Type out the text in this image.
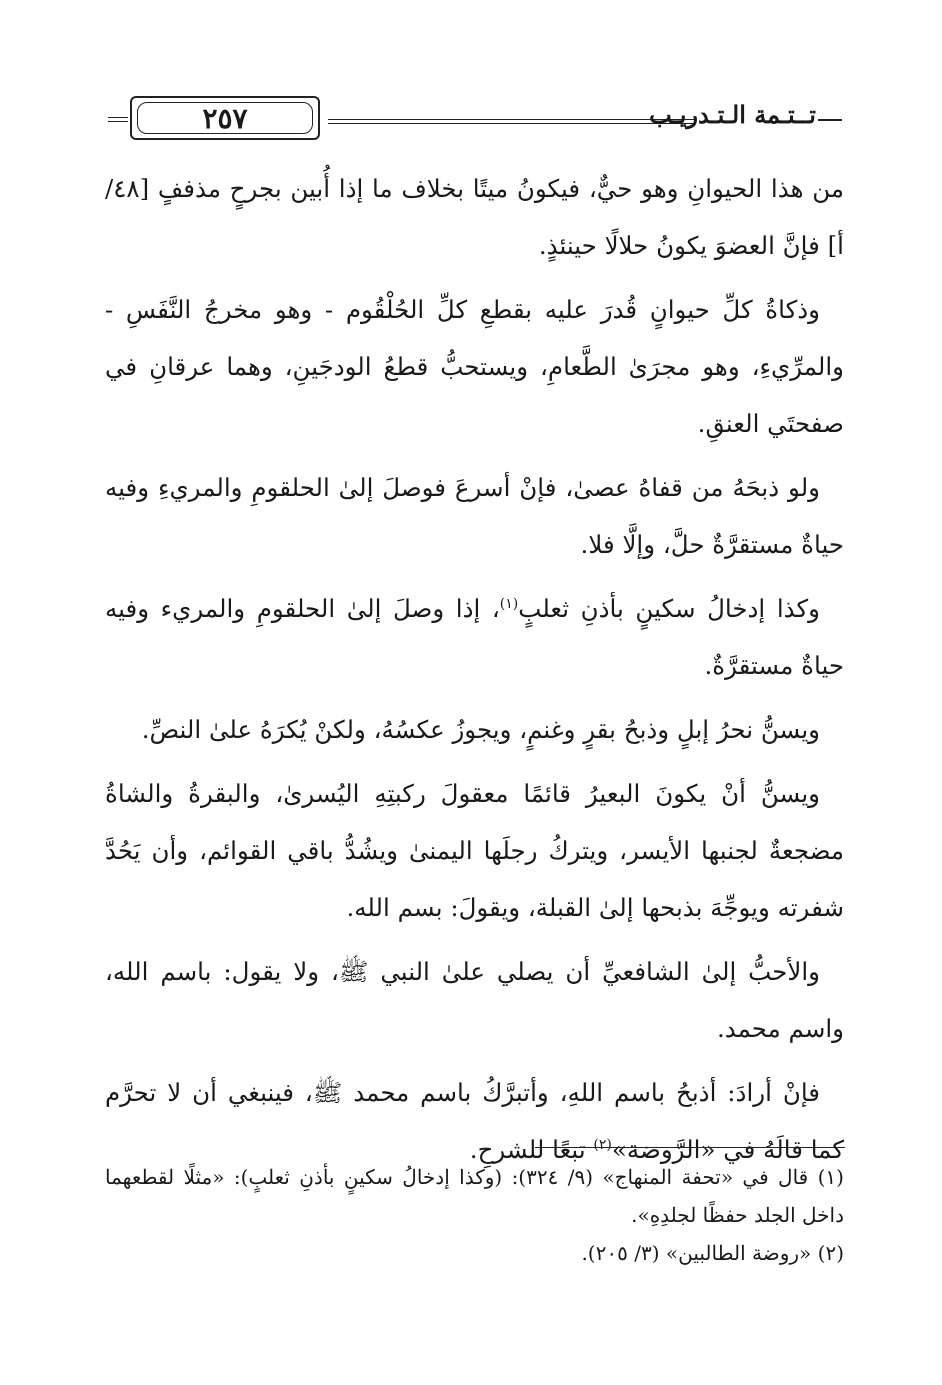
٢٥٧	تــتـمة الـتـدريـب

من هذا الحيوانِ وهو حيٌّ، فيكونُ ميتًا بخلاف ما إذا أُبين بجرحٍ مذففٍ [٤٨/ أ] فإنَّ العضوَ يكونُ حلالًا حينئذٍ.

وذكاةُ كلِّ حيوانٍ قُدرَ عليه بقطعِ كلِّ الحُلْقُوم - وهو مخرجُ النَّفَسِ - والمرِّيءِ، وهو مجرَىٰ الطَّعامِ، ويستحبُّ قطعُ الودجَينِ، وهما عرقانِ في صفحتَي العنقِ.

ولو ذبحَهُ من قفاهُ عصىٰ، فإنْ أسرعَ فوصلَ إلىٰ الحلقومِ والمريءِ وفيه حياةٌ مستقرَّةٌ حلَّ، وإلَّا فلا.

وكذا إدخالُ سكينٍ بأذنِ ثعلبٍ$^{(١)}$، إذا وصلَ إلىٰ الحلقومِ والمريء وفيه حياةٌ مستقرَّةٌ.

ويسنُّ نحرُ إبلٍ وذبحُ بقرٍ وغنمٍ، ويجوزُ عكسُهُ، ولكنْ يُكرَهُ علىٰ النصِّ.

ويسنُّ أنْ يكونَ البعيرُ قائمًا معقولَ ركبتِهِ اليُسرىٰ، والبقرةُ والشاةُ مضجعةٌ لجنبها الأيسر، ويتركُ رجلَها اليمنىٰ ويشُدُّ باقي القوائم، وأن يَحُدَّ شفرته ويوجِّهَ بذبحها إلىٰ القبلة، ويقولَ: بسم الله.

والأحبُّ إلىٰ الشافعيِّ أن يصلي علىٰ النبي ﷺ، ولا يقول: باسم الله، واسم محمد.

فإنْ أرادَ: أذبحُ باسم اللهِ، وأتبرَّكُ باسم محمد ﷺ، فينبغي أن لا تحرَّم كما قالَهُ في «الرَّوضة»$^{(٢)}$ تبعًا للشرحِ.

(١) قال في «تحفة المنهاج» (٩/ ٣٢٤): (وكذا إدخالُ سكينٍ بأذنِ ثعلبٍ): «مثلًا لقطعهما داخل الجلد حفظًا لجلدِهِ».

(٢) «روضة الطالبين» (٣/ ٢٠٥).
